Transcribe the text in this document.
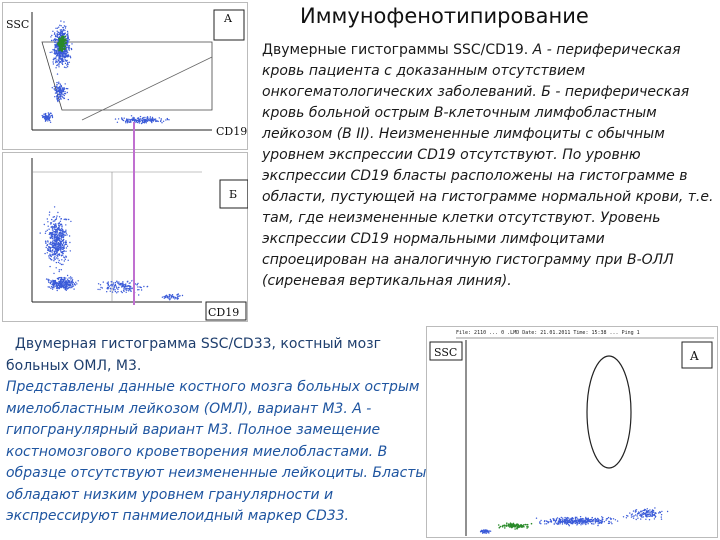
Иммунофенотипирование
SSC	A
CD19
Б
CD19
File: 2110 ... 0 .LMD Date: 21.01.2011 Time: 15:38 ... Ping 1
SSC	A
Двумерные гистограммы SSC/CD19. А - периферическая кровь пациента с доказанным отсутствием онкогематологических заболеваний. Б - периферическая кровь больной острым В-клеточным лимфобластным лейкозом (В II). Неизмененные лимфоциты с обычным уровнем экспрессии CD19 отсутствуют. По уровню экспрессии CD19 бласты расположены на гистограмме в области, пустующей на гистограмме нормальной крови, т.е. там, где неизмененные клетки отсутствуют. Уровень экспрессии CD19 нормальными лимфоцитами спроецирован на аналогичную гистограмму при В-ОЛЛ (сиреневая вертикальная линия).
Двумерная гистограмма SSC/CD33, костный мозг больных ОМЛ, М3.
Представлены данные костного мозга больных острым миелобластным лейкозом (ОМЛ), вариант М3. А - гипогранулярный вариант М3. Полное замещение костномозгового кроветворения миелобластами. В образце отсутствуют неизмененные лейкоциты. Бласты обладают низким уровнем гранулярности и экспрессируют панмиелоидный маркер CD33.
